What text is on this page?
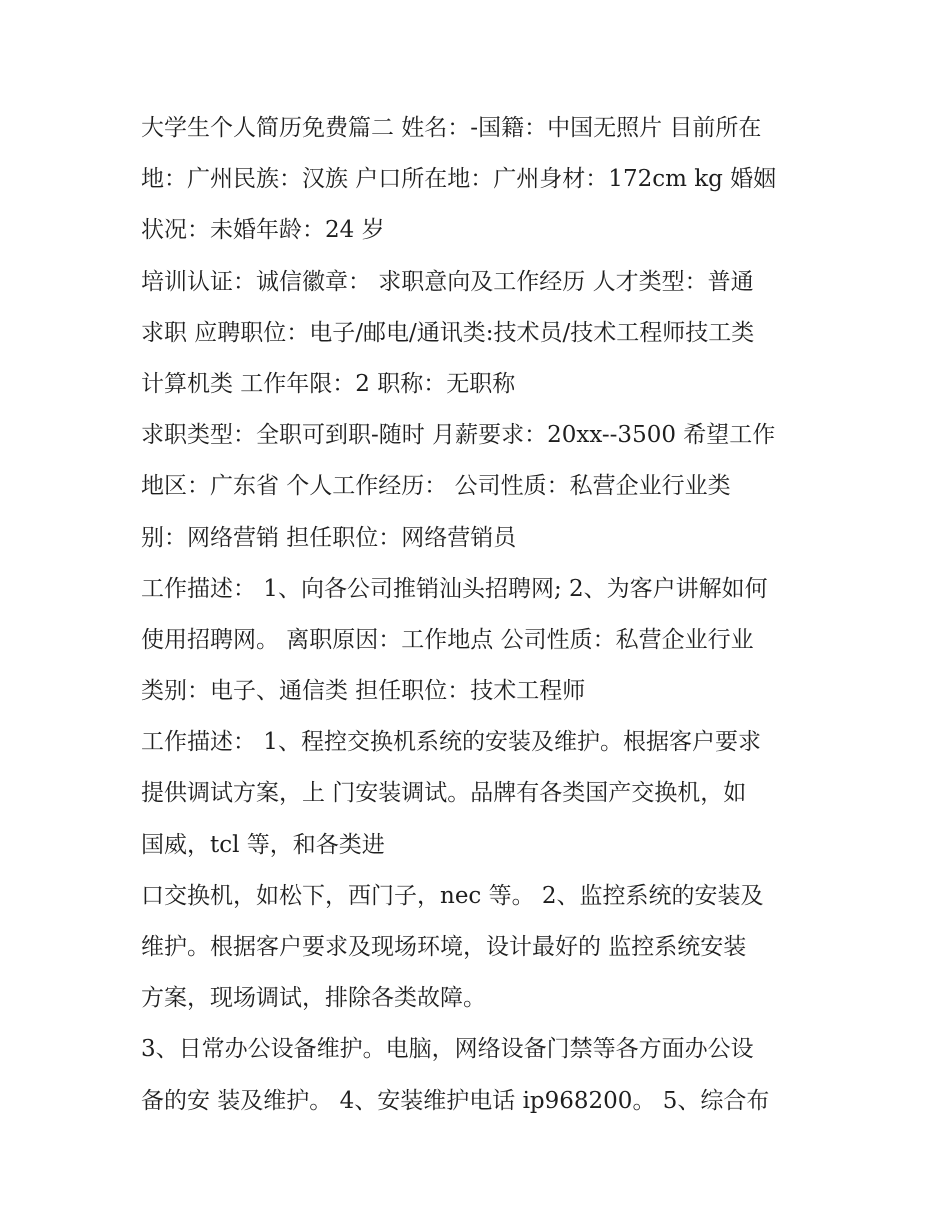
大学生个人简历免费篇二 姓名：-国籍：中国无照片 目前所在
地：广州民族：汉族 户口所在地：广州身材：172cm kg 婚姻
状况：未婚年龄：24 岁
培训认证：诚信徽章： 求职意向及工作经历 人才类型：普通
求职 应聘职位：电子/邮电/通讯类:技术员/技术工程师技工类
计算机类 工作年限：2 职称：无职称
求职类型：全职可到职-随时 月薪要求：20xx--3500 希望工作
地区：广东省 个人工作经历： 公司性质：私营企业行业类
别：网络营销 担任职位：网络营销员
工作描述： 1、向各公司推销汕头招聘网; 2、为客户讲解如何
使用招聘网。 离职原因：工作地点 公司性质：私营企业行业
类别：电子、通信类 担任职位：技术工程师
工作描述： 1、程控交换机系统的安装及维护。根据客户要求
提供调试方案，上 门安装调试。品牌有各类国产交换机，如
国威，tcl 等，和各类进
口交换机，如松下，西门子，nec 等。 2、监控系统的安装及
维护。根据客户要求及现场环境，设计最好的 监控系统安装
方案，现场调试，排除各类故障。
3、日常办公设备维护。电脑，网络设备门禁等各方面办公设
备的安 装及维护。 4、安装维护电话 ip968200。 5、综合布
